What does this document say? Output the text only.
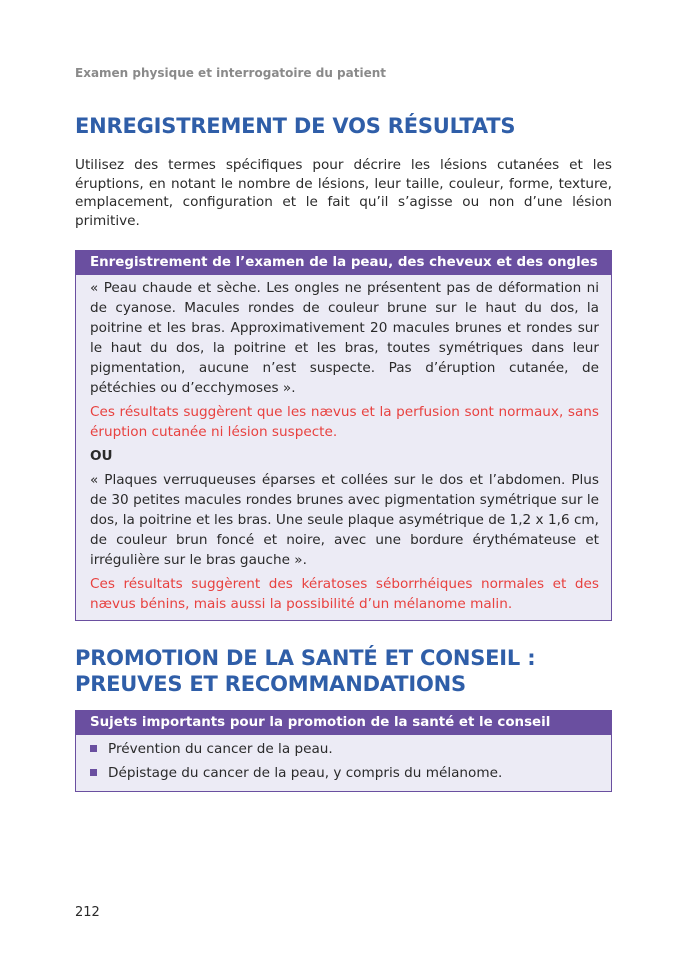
Examen physique et interrogatoire du patient
ENREGISTREMENT DE VOS RÉSULTATS

Utilisez des termes spécifiques pour décrire les lésions cutanées et les éruptions, en notant le nombre de lésions, leur taille, couleur, forme, texture, emplacement, configuration et le fait qu’il s’agisse ou non d’une lésion primitive.

Enregistrement de l’examen de la peau, des cheveux et des ongles

« Peau chaude et sèche. Les ongles ne présentent pas de déformation ni de cyanose. Macules rondes de couleur brune sur le haut du dos, la poitrine et les bras. Approximativement 20 macules brunes et rondes sur le haut du dos, la poitrine et les bras, toutes symétriques dans leur pigmentation, aucune n’est suspecte. Pas d’éruption cutanée, de pétéchies ou d’ecchymoses ».

Ces résultats suggèrent que les nævus et la perfusion sont normaux, sans éruption cutanée ni lésion suspecte.

OU

« Plaques verruqueuses éparses et collées sur le dos et l’abdomen. Plus de 30 petites macules rondes brunes avec pigmentation symétrique sur le dos, la poitrine et les bras. Une seule plaque asymétrique de 1,2 x 1,6 cm, de couleur brun foncé et noire, avec une bordure érythémateuse et irrégulière sur le bras gauche ».

Ces résultats suggèrent des kératoses séborrhéiques normales et des nævus bénins, mais aussi la possibilité d’un mélanome malin.

PROMOTION DE LA SANTÉ ET CONSEIL :
PREUVES ET RECOMMANDATIONS
Sujets importants pour la promotion de la santé et le conseil
Prévention du cancer de la peau.
Dépistage du cancer de la peau, y compris du mélanome.
212
